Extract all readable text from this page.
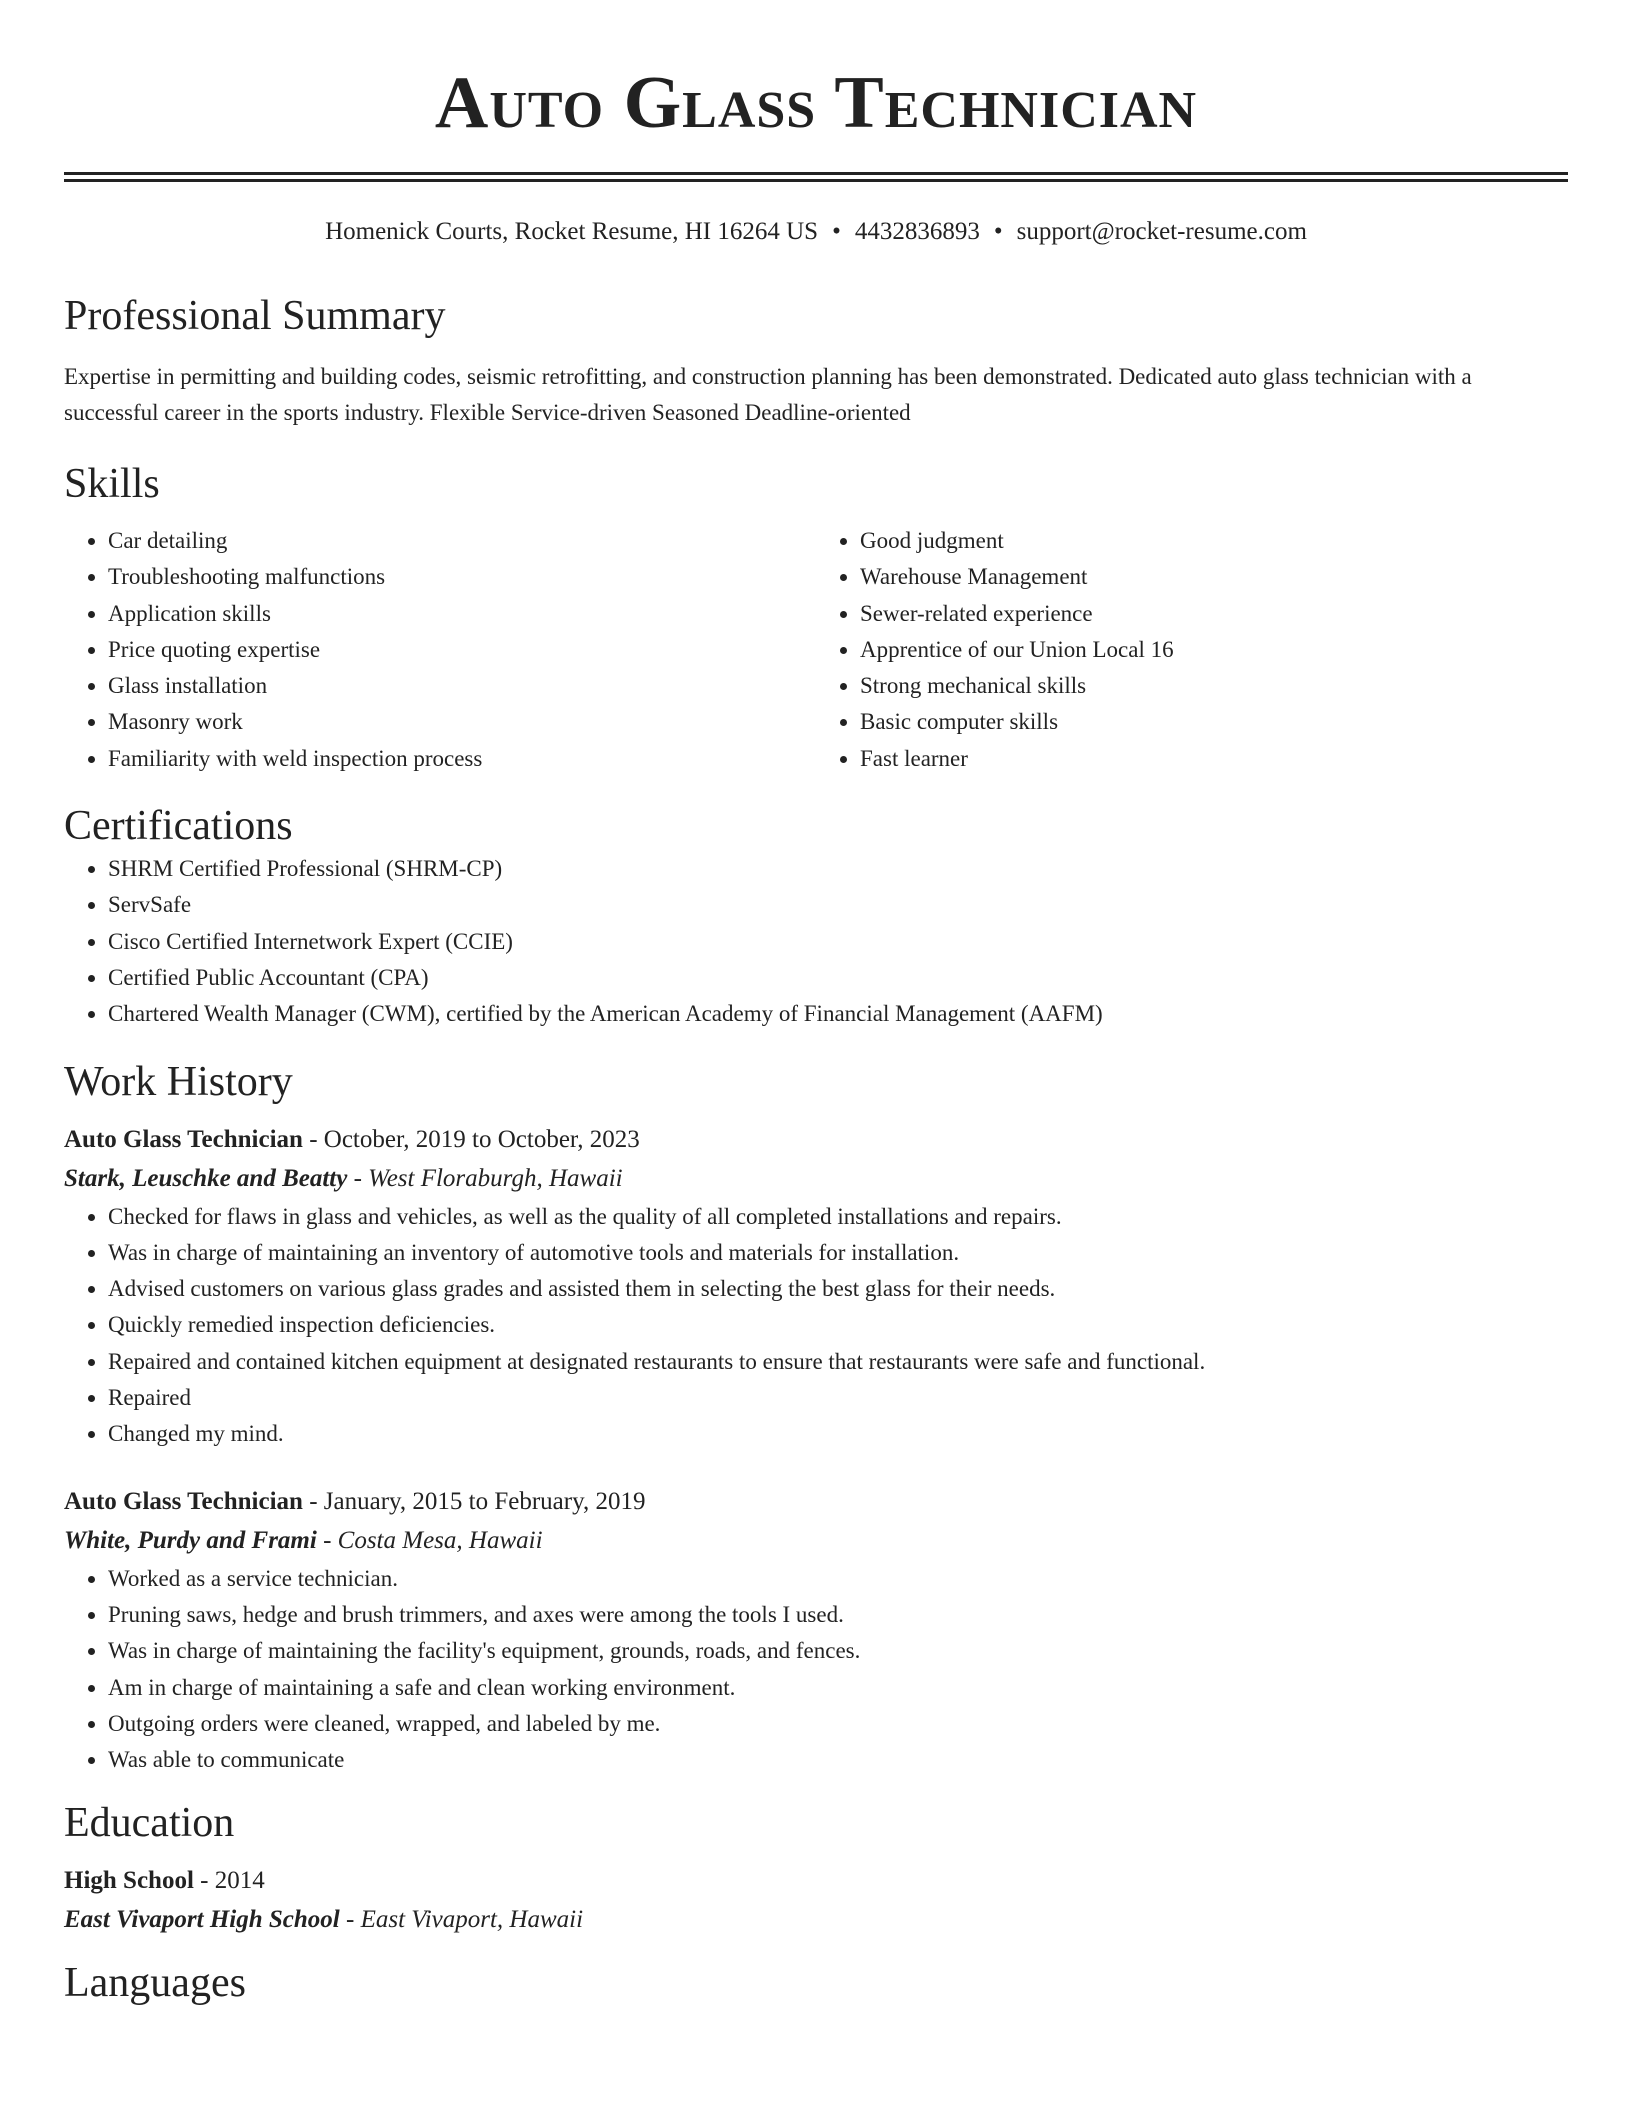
Auto Glass Technician
Homenick Courts, Rocket Resume, HI 16264 US • 4432836893 • support@rocket-resume.com
Professional Summary

Expertise in permitting and building codes, seismic retrofitting, and construction planning has been demonstrated. Dedicated auto glass technician with a successful career in the sports industry. Flexible Service-driven Seasoned Deadline-oriented

Skills
• Car detailing
• Troubleshooting malfunctions
• Application skills
• Price quoting expertise
• Glass installation
• Masonry work
• Familiarity with weld inspection process
• Good judgment
• Warehouse Management
• Sewer-related experience
• Apprentice of our Union Local 16
• Strong mechanical skills
• Basic computer skills
• Fast learner
Certifications
• SHRM Certified Professional (SHRM-CP)
• ServSafe
• Cisco Certified Internetwork Expert (CCIE)
• Certified Public Accountant (CPA)
• Chartered Wealth Manager (CWM), certified by the American Academy of Financial Management (AAFM)
Work History

Auto Glass Technician - October, 2019 to October, 2023

Stark, Leuschke and Beatty - West Floraburgh, Hawaii

• Checked for flaws in glass and vehicles, as well as the quality of all completed installations and repairs.
• Was in charge of maintaining an inventory of automotive tools and materials for installation.
• Advised customers on various glass grades and assisted them in selecting the best glass for their needs.
• Quickly remedied inspection deficiencies.
• Repaired and contained kitchen equipment at designated restaurants to ensure that restaurants were safe and functional.
• Repaired
• Changed my mind.

Auto Glass Technician - January, 2015 to February, 2019

White, Purdy and Frami - Costa Mesa, Hawaii

• Worked as a service technician.
• Pruning saws, hedge and brush trimmers, and axes were among the tools I used.
• Was in charge of maintaining the facility's equipment, grounds, roads, and fences.
• Am in charge of maintaining a safe and clean working environment.
• Outgoing orders were cleaned, wrapped, and labeled by me.
• Was able to communicate
Education

High School - 2014

East Vivaport High School - East Vivaport, Hawaii

Languages
